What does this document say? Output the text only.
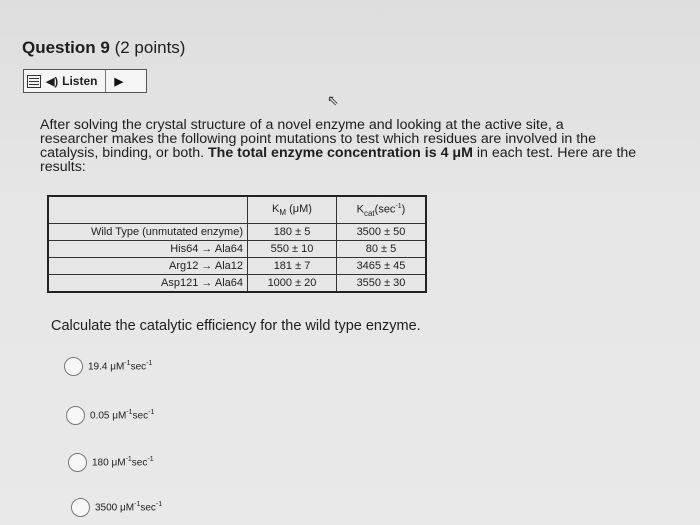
Question 9 (2 points)
◀) Listen ▶
⇖
After solving the crystal structure of a novel enzyme and looking at the active site, a
researcher makes the following point mutations to test which residues are involved in the
catalysis, binding, or both. The total enzyme concentration is 4 μM in each test. Here are the
results:
	$K_M$ (μM)	$K_{cat}(\sec^{-1})$
Wild Type (unmutated enzyme)	180 ± 5	3500 ± 50
His64 → Ala64	550 ± 10	80 ± 5
Arg12 → Ala12	181 ± 7	3465 ± 45
Asp121 → Ala64	1000 ± 20	3550 ± 30
Calculate the catalytic efficiency for the wild type enzyme.
19.4 $\mu M^{-1}\sec^{-1}$
0.05 $\mu M^{-1}\sec^{-1}$
180 $\mu M^{-1}\sec^{-1}$
3500 $\mu M^{-1}\sec^{-1}$
